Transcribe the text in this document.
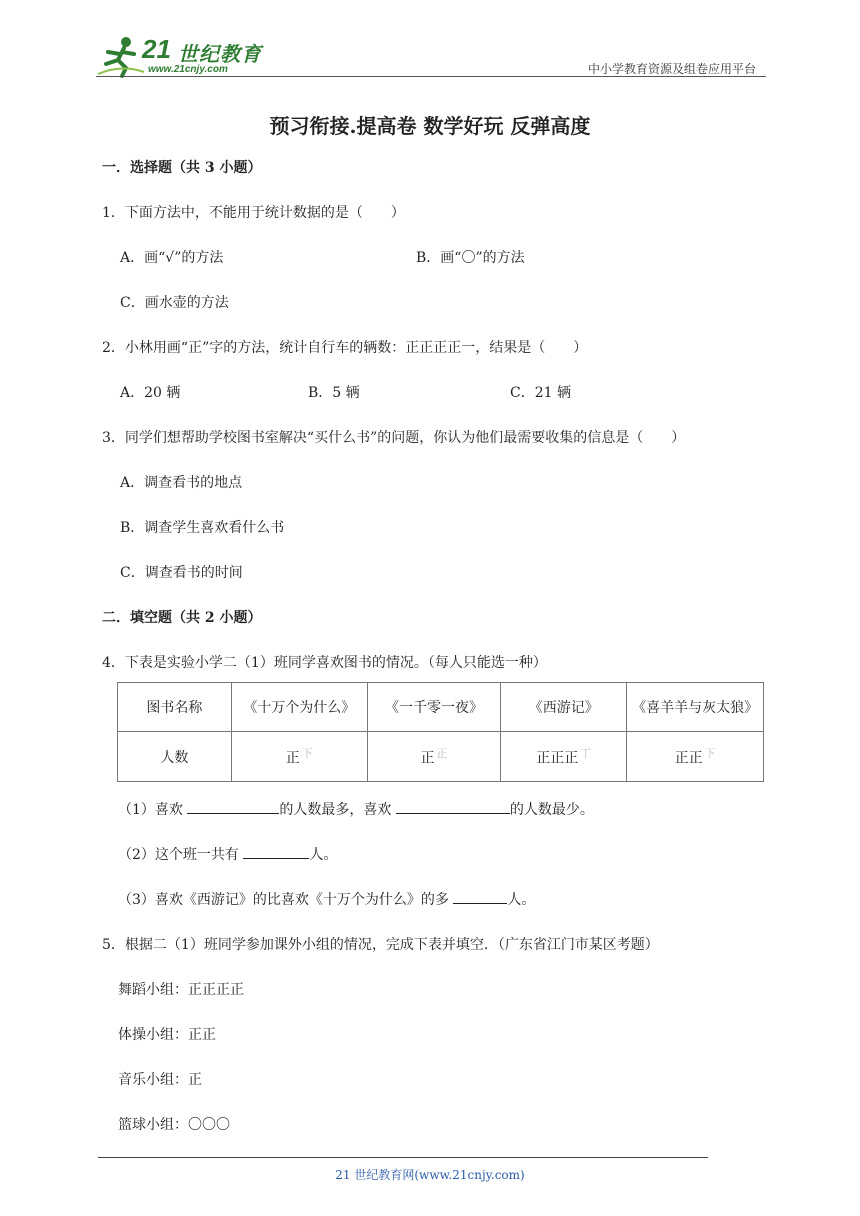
21 世纪教育
www.21cnjy.com	中小学教育资源及组卷应用平台
预习衔接.提高卷 数学好玩 反弹高度
一．选择题（共 3 小题）
1．下面方法中，不能用于统计数据的是（　　）
A．画“√”的方法	B．画“〇”的方法
C．画水壶的方法
2．小林用画“正”字的方法，统计自行车的辆数：正正正正一，结果是（　　）
A．20 辆	B．5 辆	C．21 辆
3．同学们想帮助学校图书室解决“买什么书”的问题，你认为他们最需要收集的信息是（　　）
A．调查看书的地点
B．调查学生喜欢看什么书
C．调查看书的时间
二．填空题（共 2 小题）
4．下表是实验小学二（1）班同学喜欢图书的情况。（每人只能选一种）
图书名称	《十万个为什么》	《一千零一夜》	《西游记》	《喜羊羊与灰太狼》
人数	正 $^下$	正 $^正$	正正正 $^丅$	正正 $^下$
（1）喜欢	的人数最多，喜欢	的人数最少。
（2）这个班一共有	人。
（3）喜欢《西游记》的比喜欢《十万个为什么》的多	人。
5．根据二（1）班同学参加课外小组的情况，完成下表并填空．（广东省江门市某区考题）
舞蹈小组：正正正正
体操小组：正正
音乐小组：正
篮球小组：〇〇〇
21 世纪教育网(www.21cnjy.com)
